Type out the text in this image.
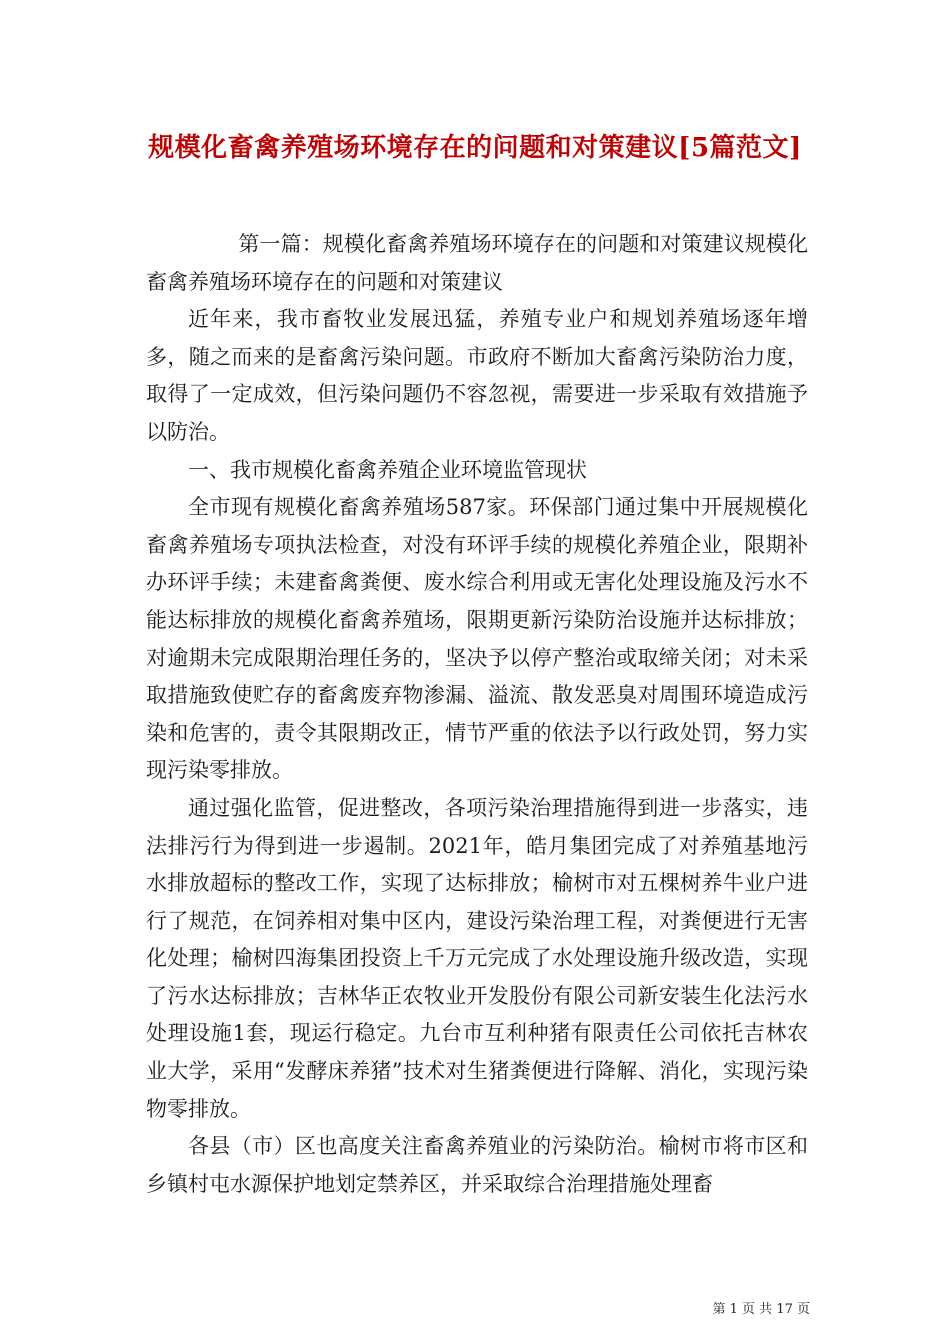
规模化畜禽养殖场环境存在的问题和对策建议[5篇范文]

第一篇：规模化畜禽养殖场环境存在的问题和对策建议规模化畜禽养殖场环境存在的问题和对策建议

近年来，我市畜牧业发展迅猛，养殖专业户和规划养殖场逐年增多，随之而来的是畜禽污染问题。市政府不断加大畜禽污染防治力度，取得了一定成效，但污染问题仍不容忽视，需要进一步采取有效措施予以防治。

一、我市规模化畜禽养殖企业环境监管现状

全市现有规模化畜禽养殖场587家。环保部门通过集中开展规模化畜禽养殖场专项执法检查，对没有环评手续的规模化养殖企业，限期补办环评手续；未建畜禽粪便、废水综合利用或无害化处理设施及污水不能达标排放的规模化畜禽养殖场，限期更新污染防治设施并达标排放；对逾期未完成限期治理任务的，坚决予以停产整治或取缔关闭；对未采取措施致使贮存的畜禽废弃物渗漏、溢流、散发恶臭对周围环境造成污染和危害的，责令其限期改正，情节严重的依法予以行政处罚，努力实现污染零排放。

通过强化监管，促进整改，各项污染治理措施得到进一步落实，违法排污行为得到进一步遏制。2021年，皓月集团完成了对养殖基地污水排放超标的整改工作，实现了达标排放；榆树市对五棵树养牛业户进行了规范，在饲养相对集中区内，建设污染治理工程，对粪便进行无害化处理；榆树四海集团投资上千万元完成了水处理设施升级改造，实现了污水达标排放；吉林华正农牧业开发股份有限公司新安装生化法污水处理设施1套，现运行稳定。九台市互利种猪有限责任公司依托吉林农业大学，采用“发酵床养猪”技术对生猪粪便进行降解、消化，实现污染物零排放。

各县（市）区也高度关注畜禽养殖业的污染防治。榆树市将市区和乡镇村屯水源保护地划定禁养区，并采取综合治理措施处理畜

第 1 页 共 17 页
